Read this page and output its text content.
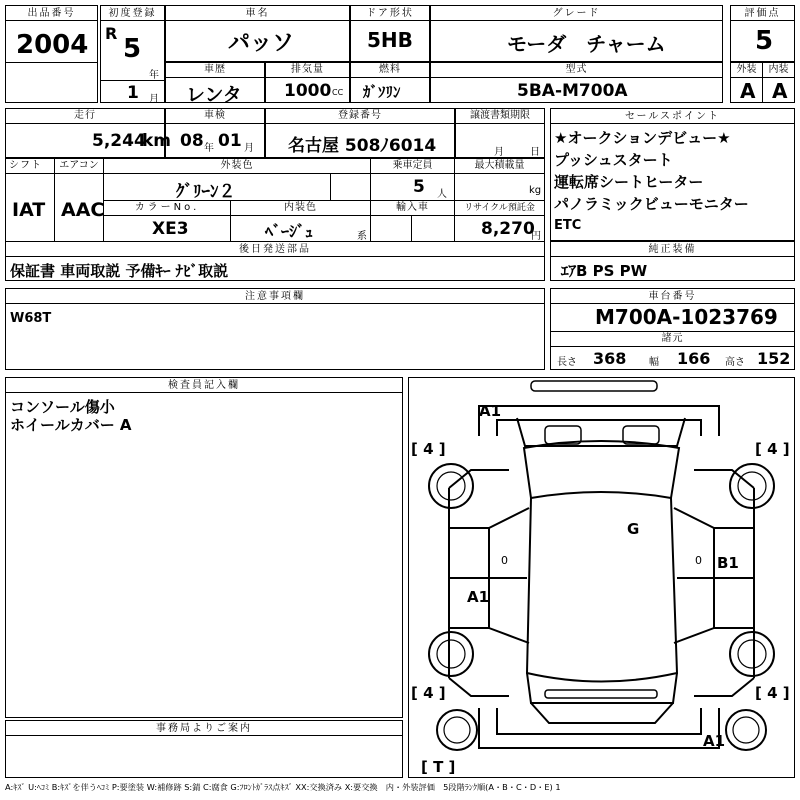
出品番号
2004
初度登録
R
5
年
1 月
車名
パッソ
ドア形状
5HB
グレード
モーダ　チャーム
評価点
5
車歴
レンタ
排気量
1000 CC
燃料
ｶﾞｿﾘﾝ
型式
5BA-M700A
外装
A
内装
A
走行
5,244
km
車検
08 年 01 月
登録番号
名古屋 508ﾉ6014
譲渡書類期限
月	日
セールスポイント
★オークションデビュー★
プッシュスタート
運転席シートヒーター
パノラミックビューモニター
ETC
シフト
IAT
エアコン
AAC
外装色
ｸﾞﾘｰﾝ２
乗車定員
5 人
最大積載量
kg
カラーNo.
XE3
内装色
ﾍﾞｰｼﾞｭ	系
輸入車	リサイクル預託金
8,270
円
後日発送部品
保証書 車両取説 予備ｷｰ ﾅﾋﾞ取説
純正装備
ｴｱB PS PW
注意事項欄
W68T
車台番号
M700A-1023769
諸元
長さ 368 幅 166 高さ 152
検査員記入欄
コンソール傷小
ホイールカバー A
事務局よりご案内
A1
G
B1
A1
A1
0	0
[ 4 ]	[ 4 ]
[ 4 ]	[ 4 ]
[ T ]
A:ｷｽﾞ U:ﾍｺﾐ B:ｷｽﾞを伴うﾍｺﾐ P:要塗装 W:補修跡 S:錆 C:腐食 G:ﾌﾛﾝﾄｶﾞﾗｽ点ｷｽﾞ XX:交換済み X:要交換　内・外装評価　5段階ﾗﾝｸ順(A・B・C・D・E) 1
